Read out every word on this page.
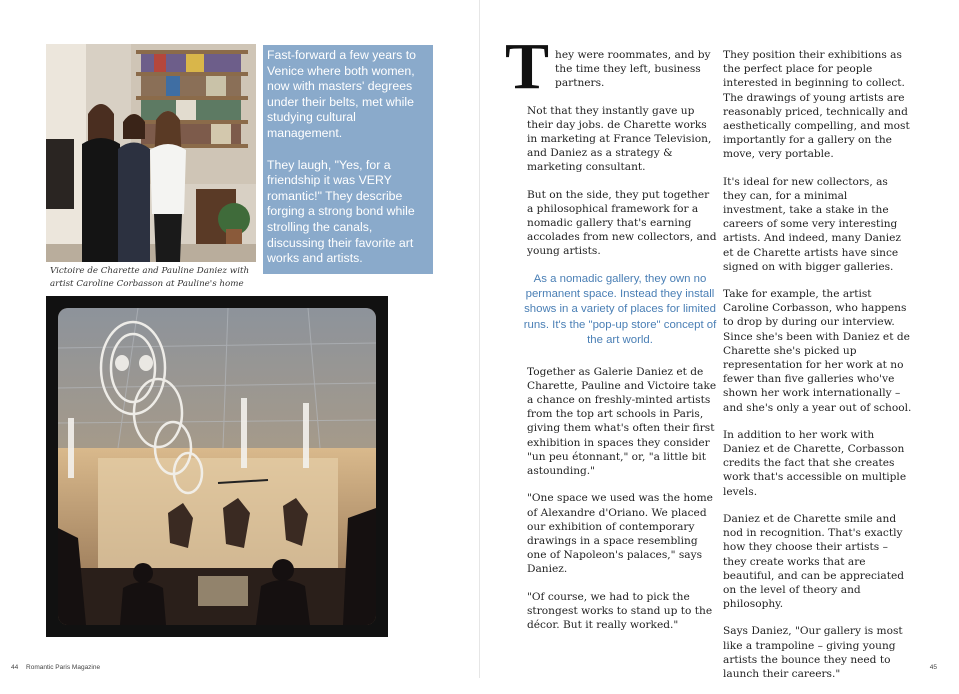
Fast-forward a few years to Venice where both women, now with masters' degrees under their belts, met while studying cultural management.

They laugh, "Yes, for a friendship it was VERY romantic!" They describe forging a strong bond while strolling the canals, discussing their favorite art works and artists.

Victoire de Charette and Pauline Daniez with artist Caroline Corbasson at Pauline's home

They were roommates, and by the time they left, business partners.

Not that they instantly gave up their day jobs. de Charette works in marketing at France Television, and Daniez as a strategy & marketing consultant.

But on the side, they put together a philosophical framework for a nomadic gallery that's earning accolades from new collectors, and young artists.

As a nomadic gallery, they own no permanent space. Instead they install shows in a variety of places for limited runs. It's the "pop-up store" concept of the art world.

Together as Galerie Daniez et de Charette, Pauline and Victoire take a chance on freshly-minted artists from the top art schools in Paris, giving them what's often their first exhibition in spaces they consider "un peu étonnant," or, "a little bit astounding."

"One space we used was the home of Alexandre d'Oriano. We placed our exhibition of contemporary drawings in a space resembling one of Napoleon's palaces," says Daniez.

"Of course, we had to pick the strongest works to stand up to the décor. But it really worked."

They position their exhibitions as the perfect place for people interested in beginning to collect. The drawings of young artists are reasonably priced, technically and aesthetically compelling, and most importantly for a gallery on the move, very portable.

It's ideal for new collectors, as they can, for a minimal investment, take a stake in the careers of some very interesting artists. And indeed, many Daniez et de Charette artists have since signed on with bigger galleries.

Take for example, the artist Caroline Corbasson, who happens to drop by during our interview. Since she's been with Daniez et de Charette she's picked up representation for her work at no fewer than five galleries who've shown her work internationally – and she's only a year out of school.

In addition to her work with Daniez et de Charette, Corbasson credits the fact that she creates work that's accessible on multiple levels.

Daniez et de Charette smile and nod in recognition. That's exactly how they choose their artists – they create works that are beautiful, and can be appreciated on the level of theory and philosophy.

Says Daniez, "Our gallery is most like a trampoline – giving young artists the bounce they need to launch their careers."

44 Romantic Paris Magazine	45
